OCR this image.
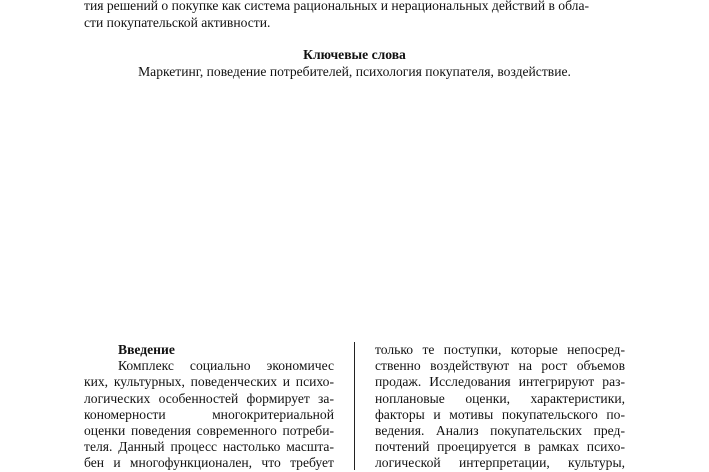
тия решений о покупке как система рациональных и нерациональных действий в обла-
сти покупательской активности.
Ключевые слова
Маркетинг, поведение потребителей, психология покупателя, воздействие.
Введение
Комплекс социально экономичес
ких, культурных, поведенческих и психо-
логических особенностей формирует за-
кономерности многокритериальной
оценки поведения современного потреби-
теля. Данный процесс настолько масшта-
бен и многофункционален, что требует
только те поступки, которые непосред-
ственно воздействуют на рост объемов
продаж. Исследования интегрируют раз-
ноплановые оценки, характеристики,
факторы и мотивы покупательского по-
ведения. Анализ покупательских пред-
почтений проецируется в рамках психо-
логической интерпретации, культуры,
